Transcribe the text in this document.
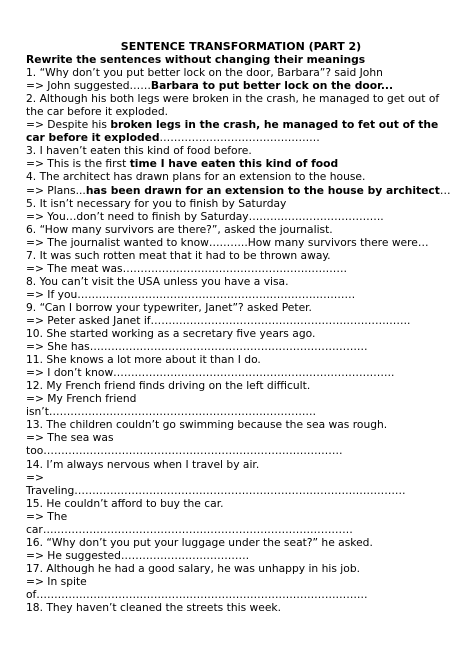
SENTENCE TRANSFORMATION (PART 2)
Rewrite the sentences without changing their meanings
1. “Why don’t you put better lock on the door, Barbara”? said John
=> John suggested……Barbara to put better lock on the door...
2. Although his both legs were broken in the crash, he managed to get out of the car before it exploded.
=> Despite his broken legs in the crash, he managed to fet out of the car before it exploded………………………………………
3. I haven’t eaten this kind of food before.
=> This is the first time I have eaten this kind of food
4. The architect has drawn plans for an extension to the house.
=> Plans...has been drawn for an extension to the house by architect…
5. It isn’t necessary for you to finish by Saturday
=> You…don’t need to finish by Saturday………………………………..
6. “How many survivors are there?”, asked the journalist.
=> The journalist wanted to know………..How many survivors there were…
7. It was such rotten meat that it had to be thrown away.
=> The meat was………………………………………………………
8. You can’t visit the USA unless you have a visa.
=> If you……………………………………………………………………
9. “Can I borrow your typewriter, Janet”? asked Peter.
=> Peter asked Janet if……………………………………………………………….
10. She started working as a secretary five years ago.
=> She has……………………………………………………………………
11. She knows a lot more about it than I do.
=> I don’t know…………………………………………………………………….
12. My French friend finds driving on the left difficult.
=> My French friend
isn’t…………………………………………………………………
13. The children couldn’t go swimming because the sea was rough.
=> The sea was
too…………………………………………………………………………
14. I’m always nervous when I travel by air.
=>
Traveling…………………………………………………………………………………
15. He couldn’t afford to buy the car.
=> The
car……………………………………………………………………………
16. “Why don’t you put your luggage under the seat?” he asked.
=> He suggested………………………………
17. Although he had a good salary, he was unhappy in his job.
=> In spite
of…………………………………………………………………………………
18. They haven’t cleaned the streets this week.
